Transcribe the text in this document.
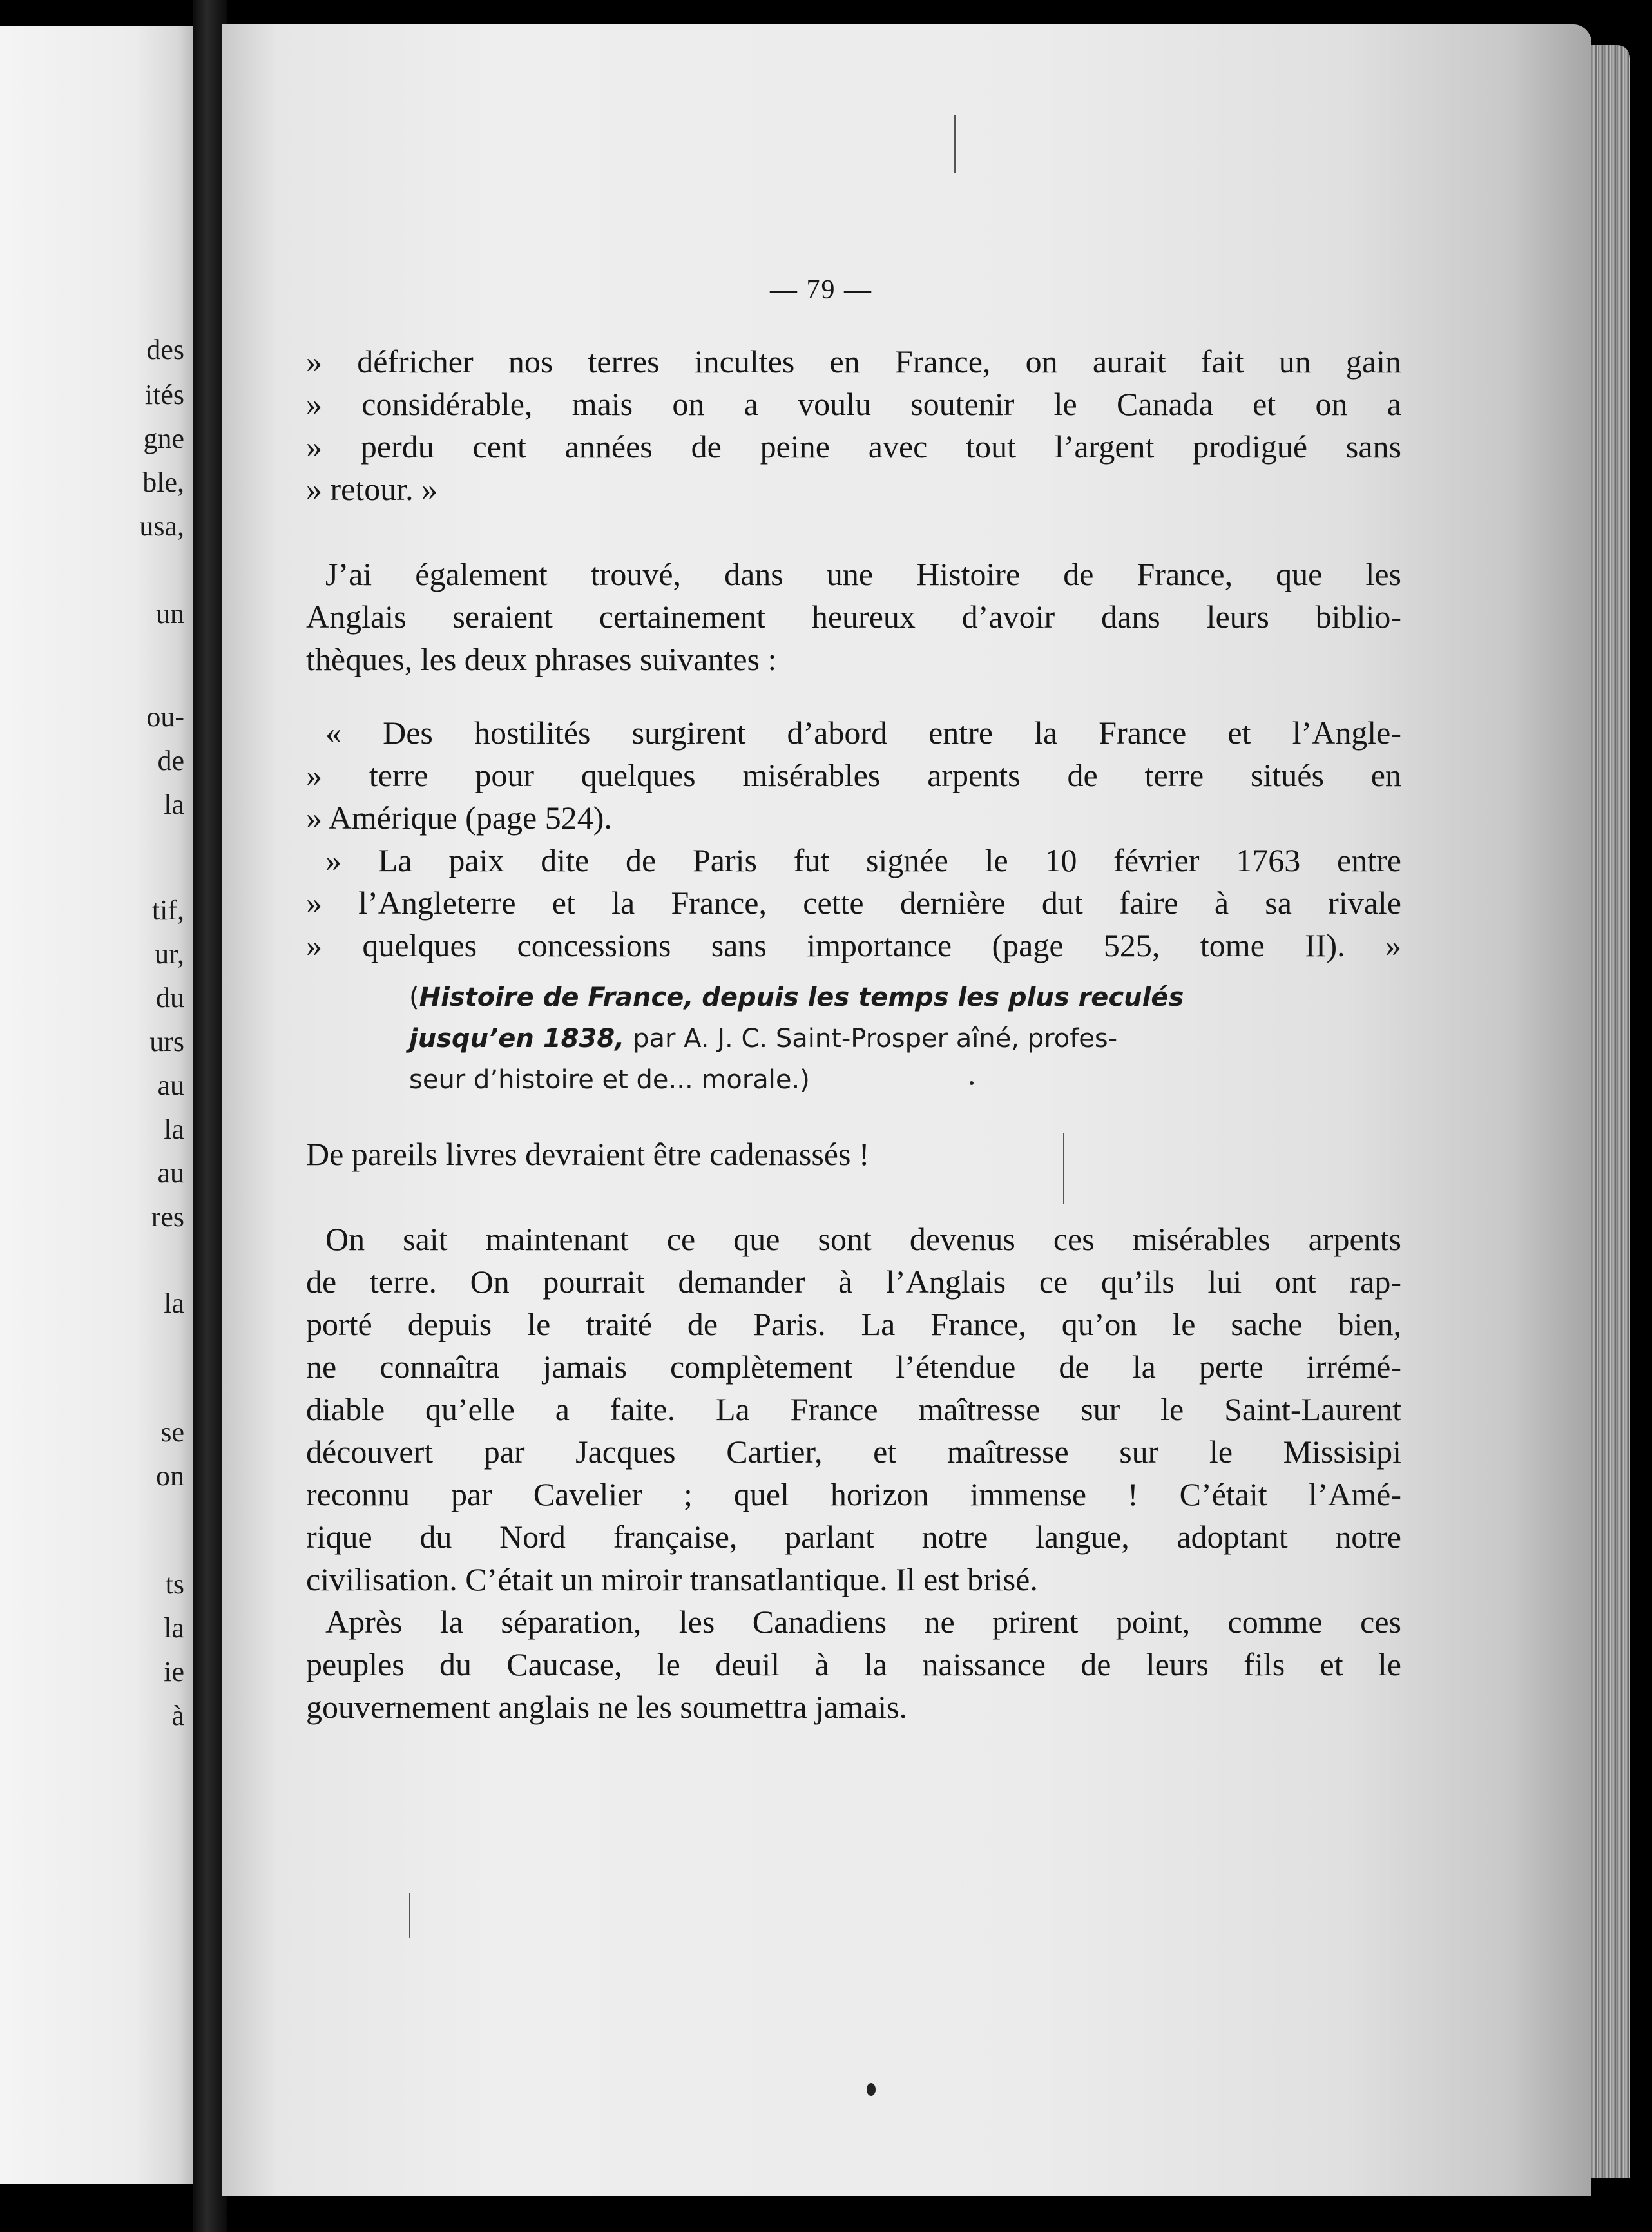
des
ités
gne
ble,
usa,
un
ou-
de
la
tif,
ur,
du
urs
au
la
au
res
la
se
on
ts
la
ie
à
— 79 —
» défricher nos terres incultes en France, on aurait fait un gain
» considérable, mais on a voulu soutenir le Canada et on a
» perdu cent années de peine avec tout l’argent prodigué sans
» retour. »
J’ai également trouvé, dans une Histoire de France, que les
Anglais seraient certainement heureux d’avoir dans leurs biblio-
thèques, les deux phrases suivantes :
« Des hostilités surgirent d’abord entre la France et l’Angle-
» terre pour quelques misérables arpents de terre situés en
» Amérique (page 524).
» La paix dite de Paris fut signée le 10 février 1763 entre
» l’Angleterre et la France, cette dernière dut faire à sa rivale
» quelques concessions sans importance (page 525, tome II). »
(Histoire de France, depuis les temps les plus reculés
jusqu’en 1838, par A. J. C. Saint-Prosper aîné, profes-
seur d’histoire et de... morale.)
De pareils livres devraient être cadenassés !
On sait maintenant ce que sont devenus ces misérables arpents
de terre. On pourrait demander à l’Anglais ce qu’ils lui ont rap-
porté depuis le traité de Paris. La France, qu’on le sache bien,
ne connaîtra jamais complètement l’étendue de la perte irrémé-
diable qu’elle a faite. La France maîtresse sur le Saint-Laurent
découvert par Jacques Cartier, et maîtresse sur le Missisipi
reconnu par Cavelier ; quel horizon immense ! C’était l’Amé-
rique du Nord française, parlant notre langue, adoptant notre
civilisation. C’était un miroir transatlantique. Il est brisé.
Après la séparation, les Canadiens ne prirent point, comme ces
peuples du Caucase, le deuil à la naissance de leurs fils et le
gouvernement anglais ne les soumettra jamais.
